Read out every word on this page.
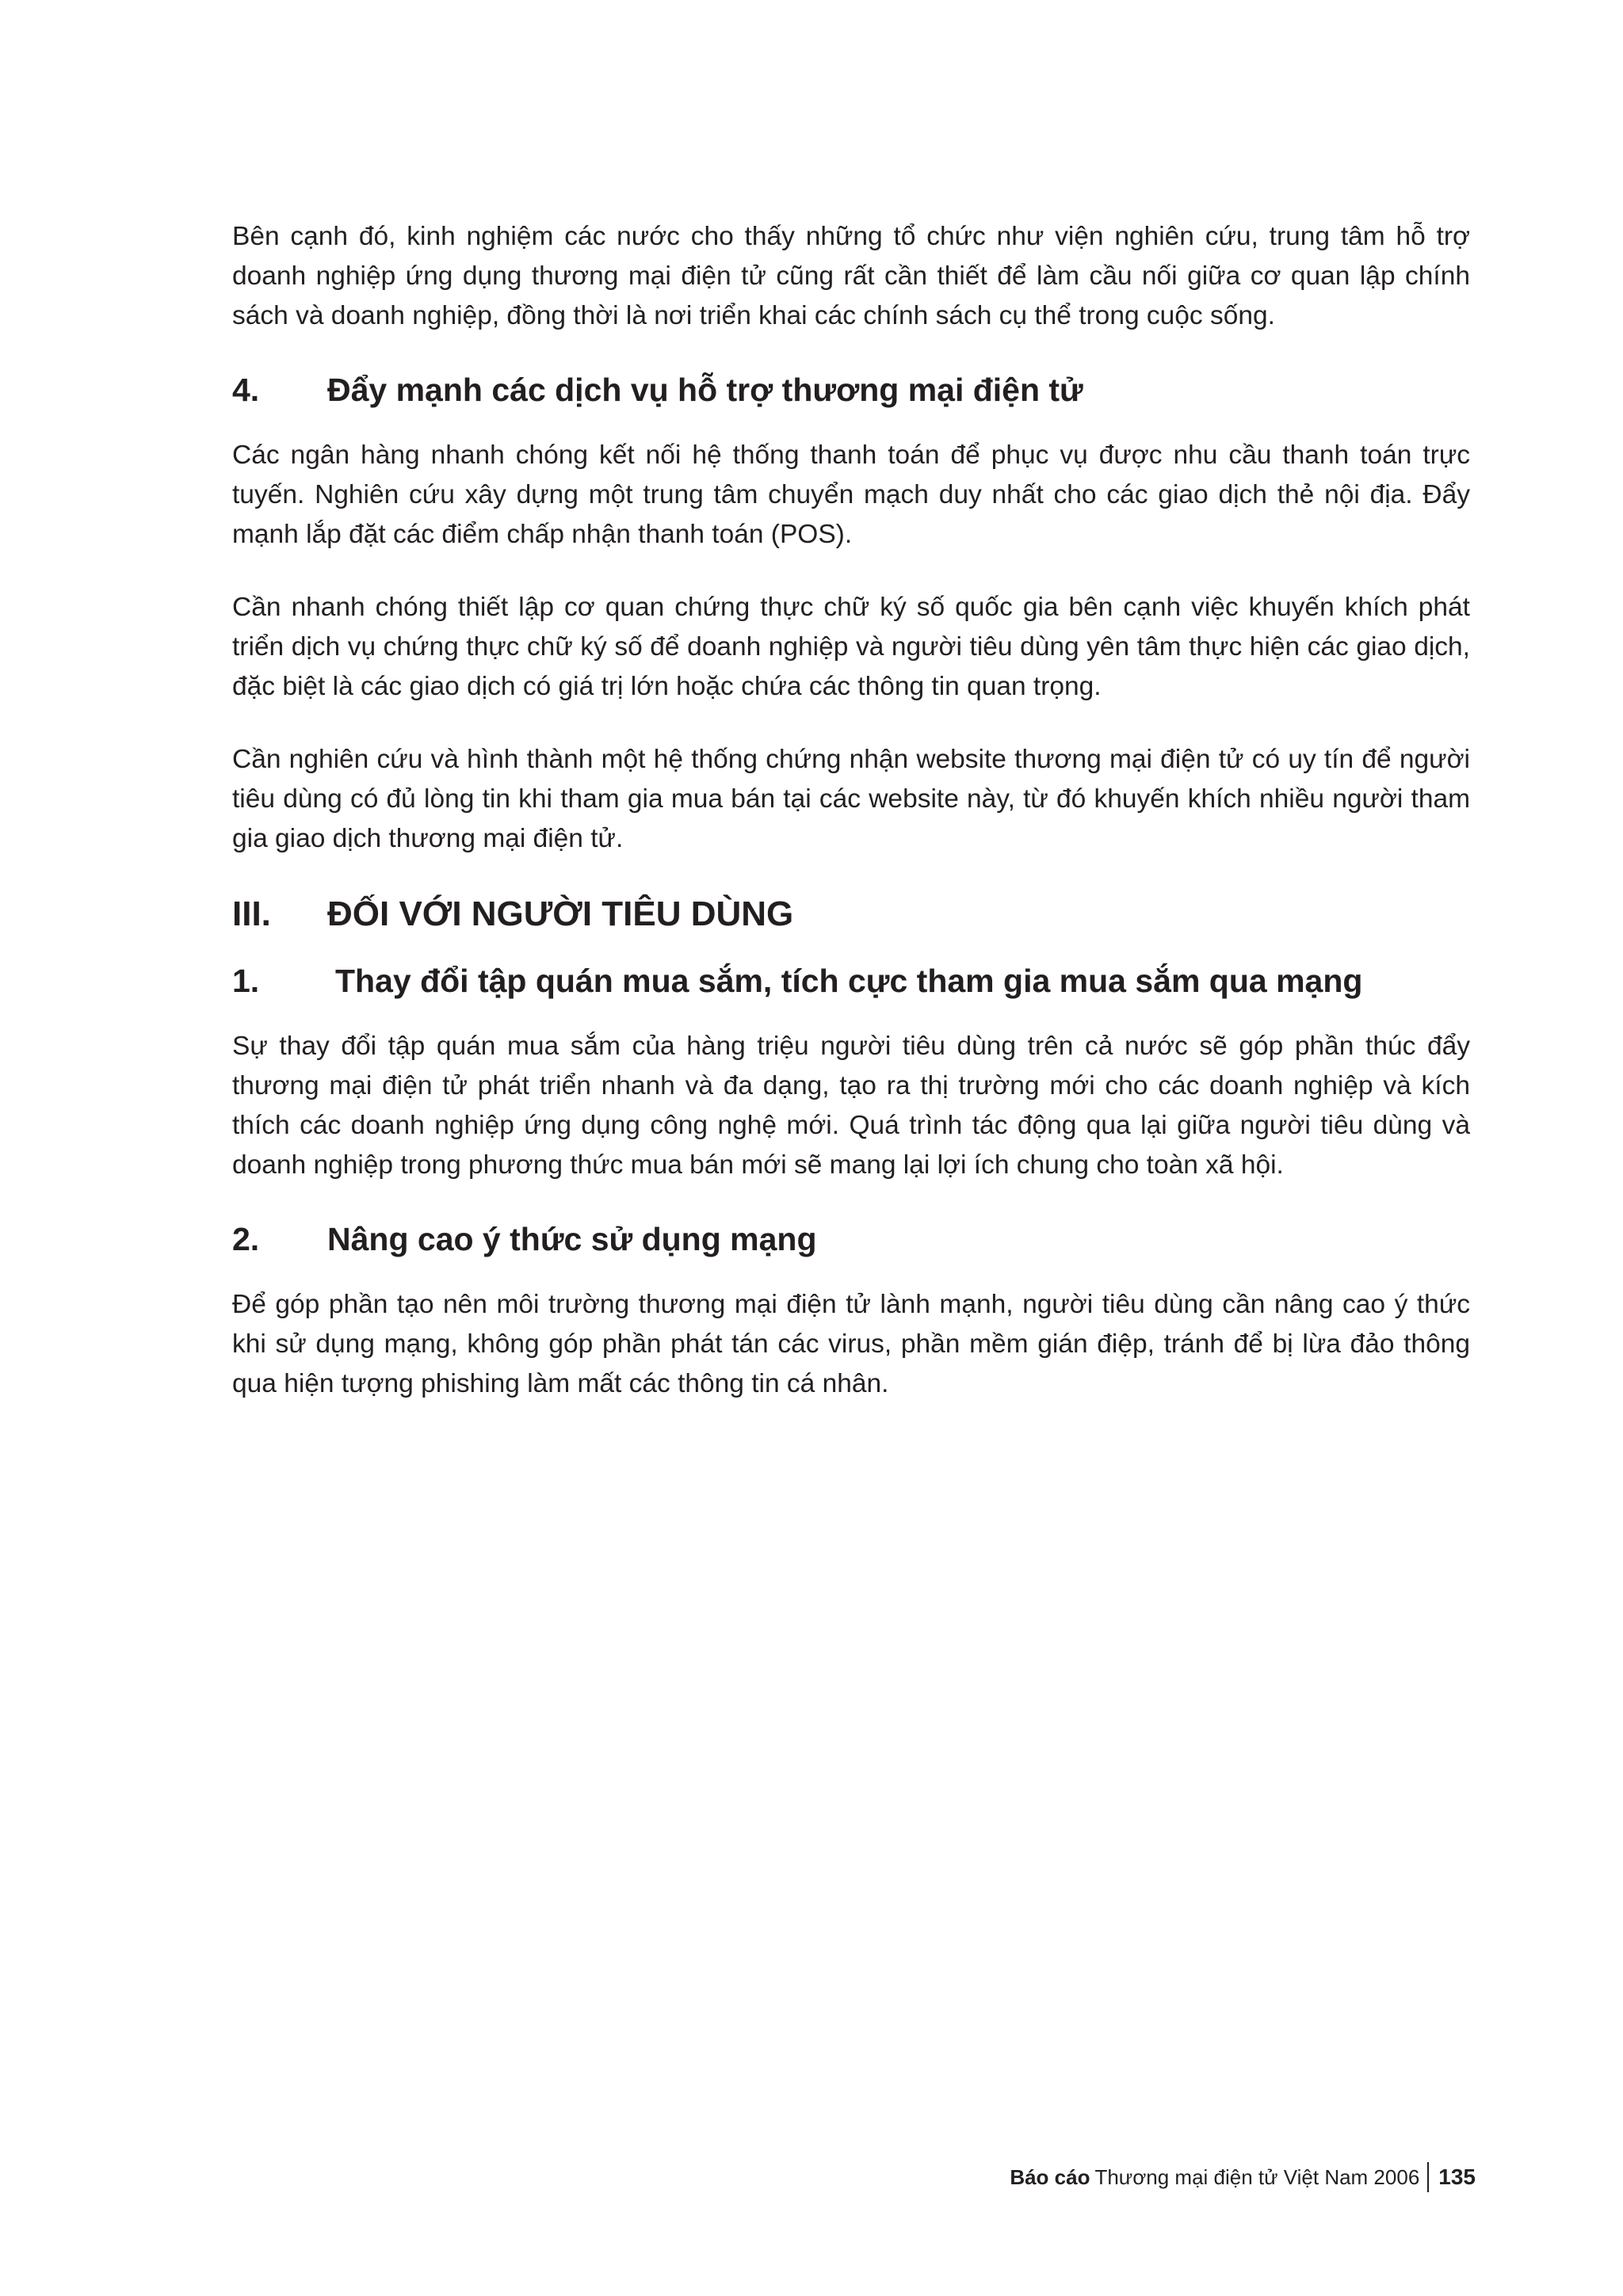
Bên cạnh đó, kinh nghiệm các nước cho thấy những tổ chức như viện nghiên cứu, trung tâm hỗ trợ doanh nghiệp ứng dụng thương mại điện tử cũng rất cần thiết để làm cầu nối giữa cơ quan lập chính sách và doanh nghiệp, đồng thời là nơi triển khai các chính sách cụ thể trong cuộc sống.

4.	Đẩy mạnh các dịch vụ hỗ trợ thương mại điện tử

Các ngân hàng nhanh chóng kết nối hệ thống thanh toán để phục vụ được nhu cầu thanh toán trực tuyến. Nghiên cứu xây dựng một trung tâm chuyển mạch duy nhất cho các giao dịch thẻ nội địa. Đẩy mạnh lắp đặt các điểm chấp nhận thanh toán (POS).

Cần nhanh chóng thiết lập cơ quan chứng thực chữ ký số quốc gia bên cạnh việc khuyến khích phát triển dịch vụ chứng thực chữ ký số để doanh nghiệp và người tiêu dùng yên tâm thực hiện các giao dịch, đặc biệt là các giao dịch có giá trị lớn hoặc chứa các thông tin quan trọng.

Cần nghiên cứu và hình thành một hệ thống chứng nhận website thương mại điện tử có uy tín để người tiêu dùng có đủ lòng tin khi tham gia mua bán tại các website này, từ đó khuyến khích nhiều người tham gia giao dịch thương mại điện tử.

III.	ĐỐI VỚI NGƯỜI TIÊU DÙNG
1.	Thay đổi tập quán mua sắm, tích cực tham gia mua sắm qua mạng

Sự thay đổi tập quán mua sắm của hàng triệu người tiêu dùng trên cả nước sẽ góp phần thúc đẩy thương mại điện tử phát triển nhanh và đa dạng, tạo ra thị trường mới cho các doanh nghiệp và kích thích các doanh nghiệp ứng dụng công nghệ mới. Quá trình tác động qua lại giữa người tiêu dùng và doanh nghiệp trong phương thức mua bán mới sẽ mang lại lợi ích chung cho toàn xã hội.

2.	Nâng cao ý thức sử dụng mạng

Để góp phần tạo nên môi trường thương mại điện tử lành mạnh, người tiêu dùng cần nâng cao ý thức khi sử dụng mạng, không góp phần phát tán các virus, phần mềm gián điệp, tránh để bị lừa đảo thông qua hiện tượng phishing làm mất các thông tin cá nhân.

Báo cáo Thương mại điện tử Việt Nam 2006 135
